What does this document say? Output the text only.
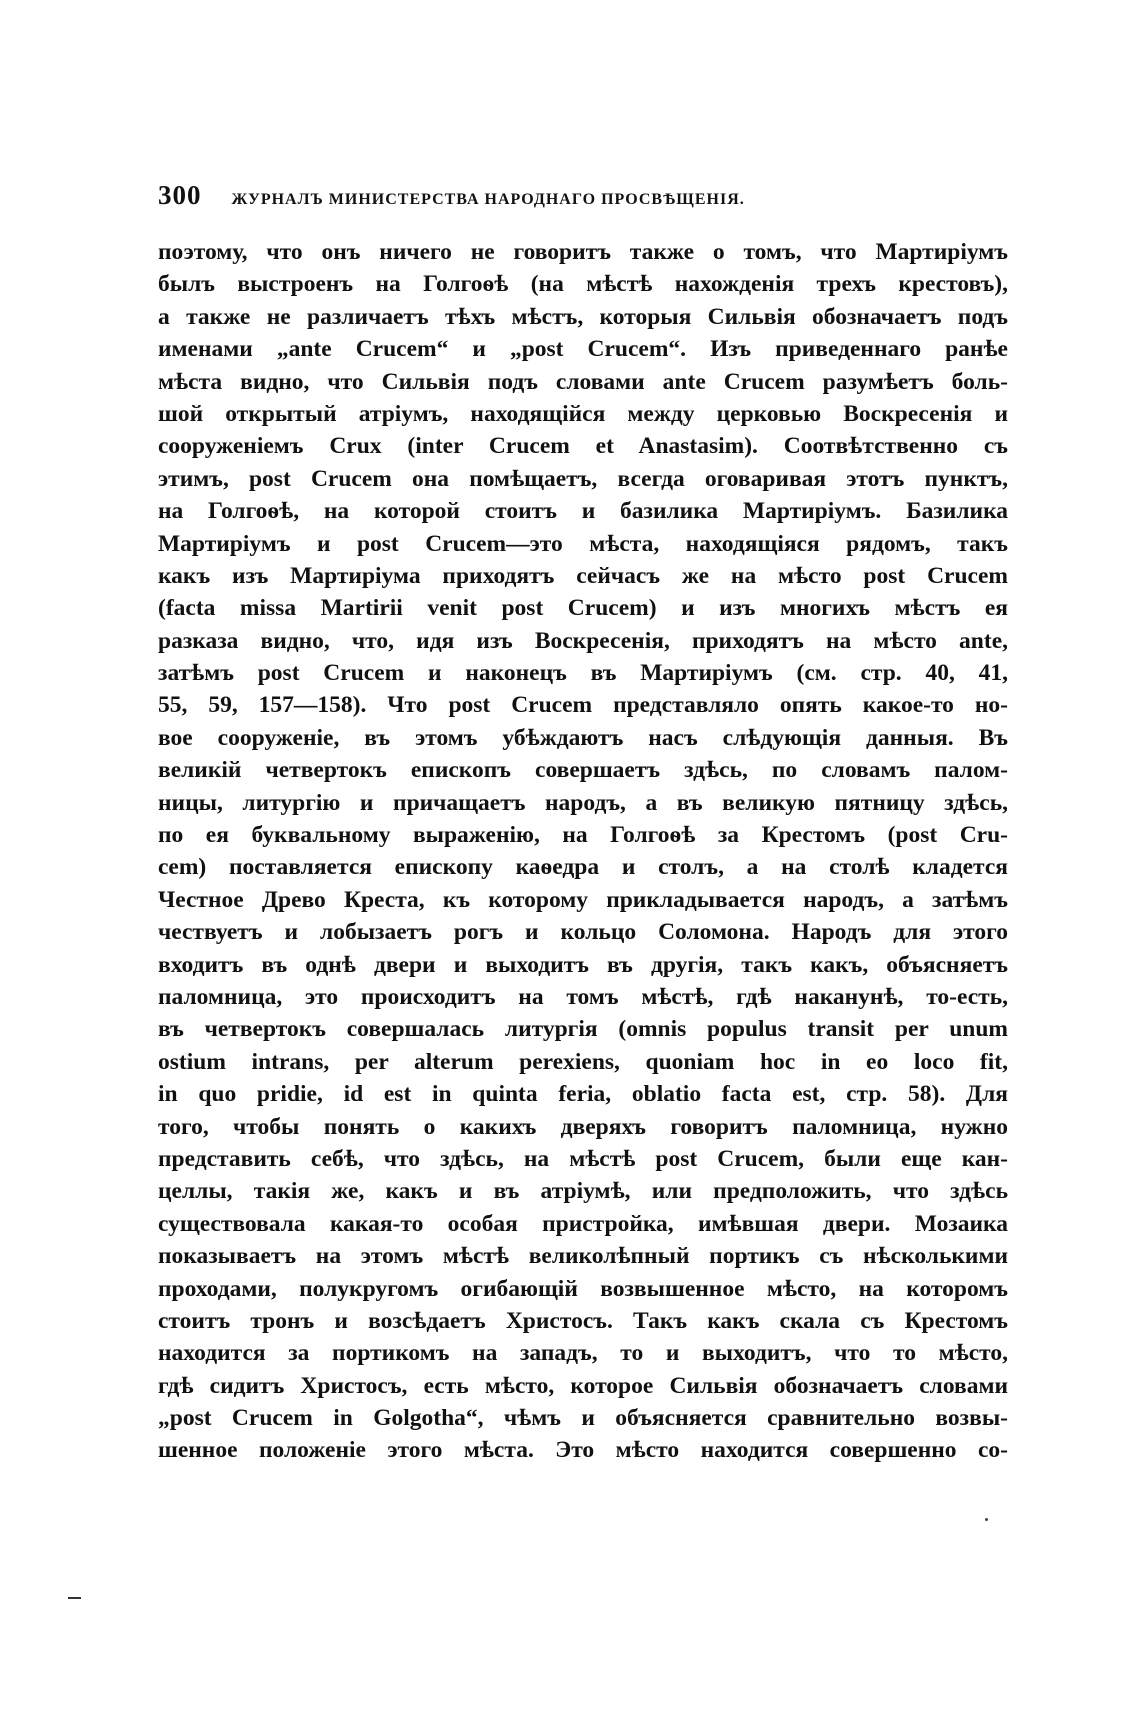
300 ЖУРНАЛЪ МИНИСТЕРСТВА НАРОДНАГО ПРОСВѢЩЕНІЯ.
поэтому, что онъ ничего не говоритъ также о томъ, что Мартиріумъ
былъ выстроенъ на Голгоѳѣ (на мѣстѣ нахожденія трехъ крестовъ),
а также не различаетъ тѣхъ мѣстъ, которыя Сильвія обозначаетъ подъ
именами „ante Crucem“ и „post Crucem“. Изъ приведеннаго ранѣе
мѣста видно, что Сильвія подъ словами ante Crucem разумѣетъ боль-
шой открытый атріумъ, находящійся между церковью Воскресенія и
сооруженіемъ Crux (inter Crucem et Anastasim). Соотвѣтственно съ
этимъ, post Crucem она помѣщаетъ, всегда оговаривая этотъ пунктъ,
на Голгоѳѣ, на которой стоитъ и базилика Мартиріумъ. Базилика
Мартиріумъ и post Crucem—это мѣста, находящіяся рядомъ, такъ
какъ изъ Мартиріума приходятъ сейчасъ же на мѣсто post Crucem
(facta missa Martirii venit post Crucem) и изъ многихъ мѣстъ ея
разказа видно, что, идя изъ Воскресенія, приходятъ на мѣсто ante,
затѣмъ post Crucem и наконецъ въ Мартиріумъ (см. стр. 40, 41,
55, 59, 157—158). Что post Crucem представляло опять какое-то но-
вое сооруженіе, въ этомъ убѣждаютъ насъ слѣдующія данныя. Въ
великій четвертокъ епископъ совершаетъ здѣсь, по словамъ палом-
ницы, литургію и причащаетъ народъ, а въ великую пятницу здѣсь,
по ея буквальному выраженію, на Голгоѳѣ за Крестомъ (post Cru-
cem) поставляется епископу каѳедра и столъ, а на столѣ кладется
Честное Древо Креста, къ которому прикладывается народъ, а затѣмъ
чествуетъ и лобызаетъ рогъ и кольцо Соломона. Народъ для этого
входитъ въ однѣ двери и выходитъ въ другія, такъ какъ, объясняетъ
паломница, это происходитъ на томъ мѣстѣ, гдѣ наканунѣ, то-есть,
въ четвертокъ совершалась литургія (omnis populus transit per unum
ostium intrans, per alterum perexiens, quoniam hoc in eo loco fit,
in quo pridie, id est in quinta feria, oblatio facta est, стр. 58). Для
того, чтобы понять о какихъ дверяхъ говоритъ паломница, нужно
представить себѣ, что здѣсь, на мѣстѣ post Crucem, были еще кан-
целлы, такія же, какъ и въ атріумѣ, или предположить, что здѣсь
существовала какая-то особая пристройка, имѣвшая двери. Мозаика
показываетъ на этомъ мѣстѣ великолѣпный портикъ съ нѣсколькими
проходами, полукругомъ огибающій возвышенное мѣсто, на которомъ
стоитъ тронъ и возсѣдаетъ Христосъ. Такъ какъ скала съ Крестомъ
находится за портикомъ на западъ, то и выходитъ, что то мѣсто,
гдѣ сидитъ Христосъ, есть мѣсто, которое Сильвія обозначаетъ словами
„post Crucem in Golgotha“, чѣмъ и объясняется сравнительно возвы-
шенное положеніе этого мѣста. Это мѣсто находится совершенно со-
